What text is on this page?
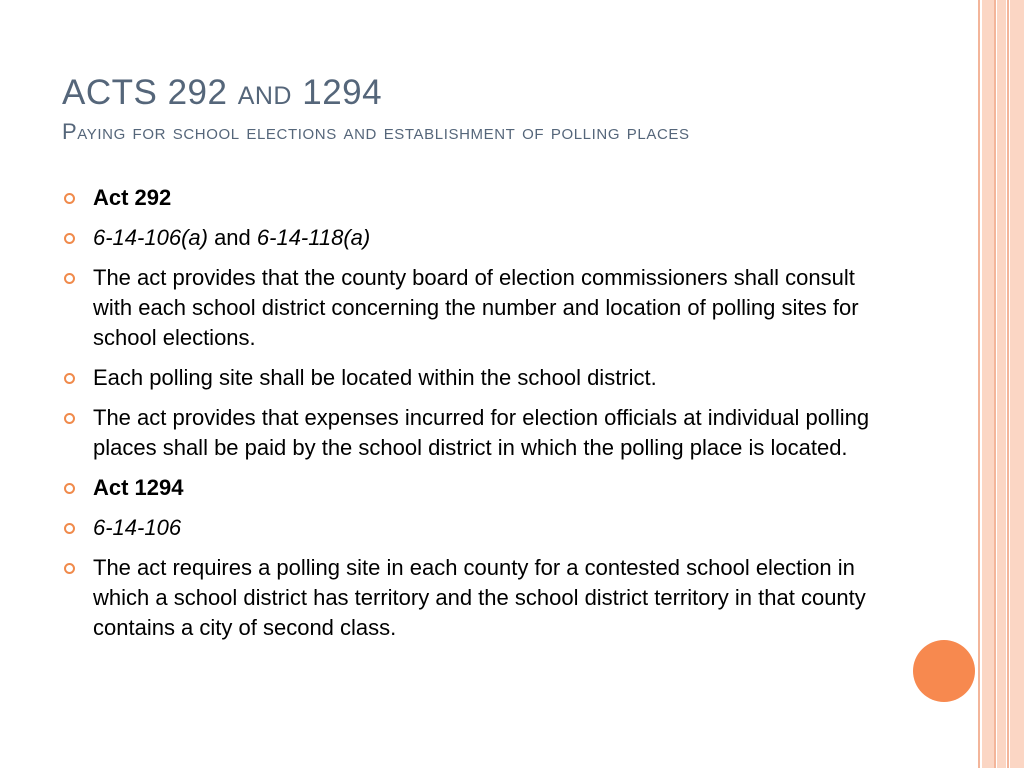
ACTS 292 and 1294
Paying for school elections and establishment of polling places
Act 292
6-14-106(a) and 6-14-118(a)
The act provides that the county board of election commissioners shall consult with each school district concerning the number and location of polling sites for school elections.
Each polling site shall be located within the school district.
The act provides that expenses incurred for election officials at individual polling places shall be paid by the school district in which the polling place is located.
Act 1294
6-14-106
The act requires a polling site in each county for a contested school election in which a school district has territory and the school district territory in that county contains a city of second class.
